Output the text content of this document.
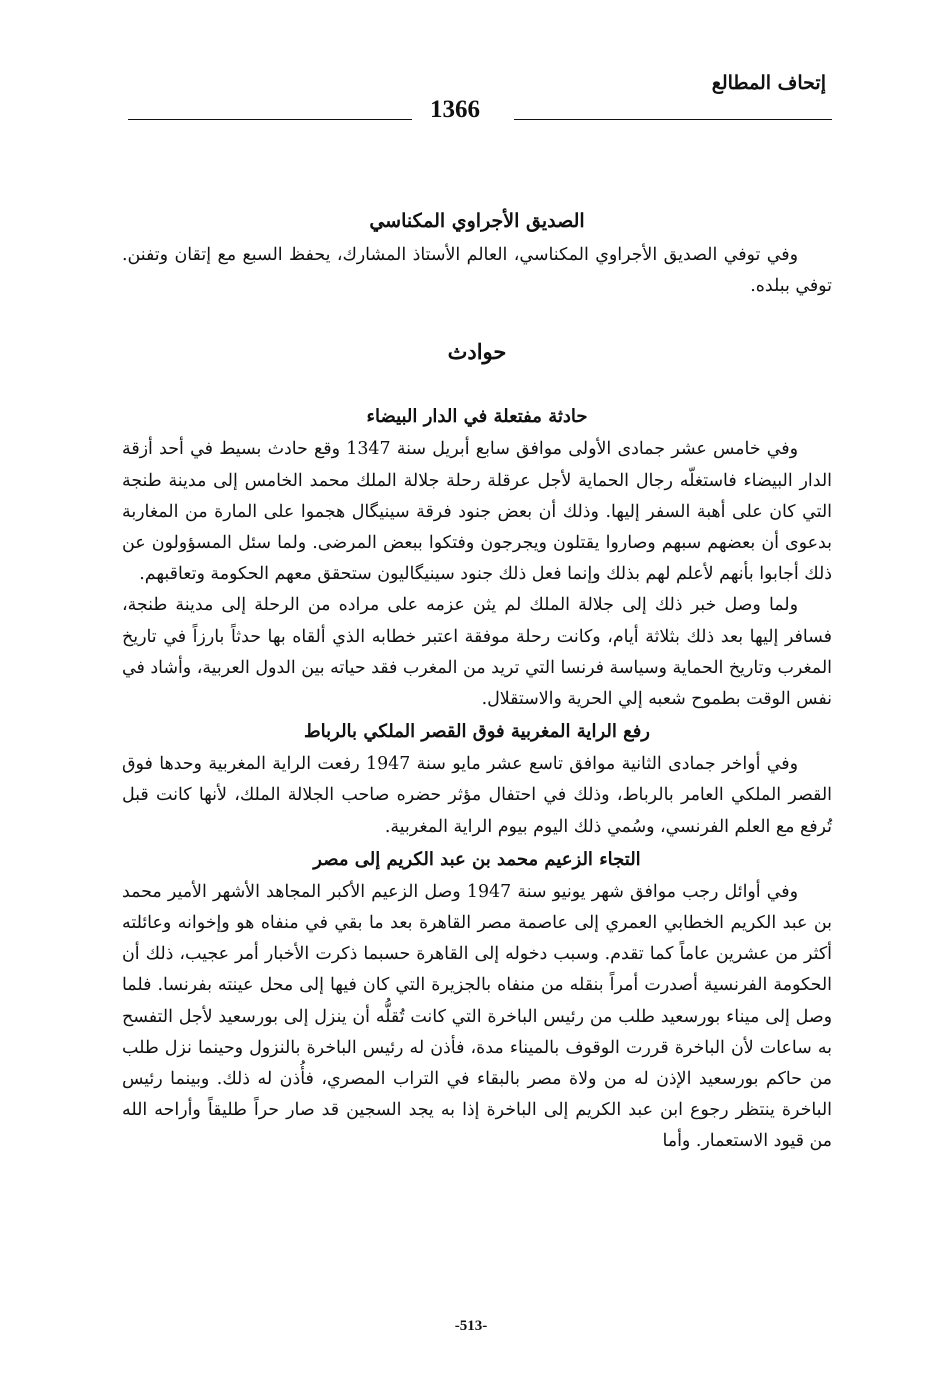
إتحاف المطالع
1366

الصديق الأجراوي المكناسي

وفي توفي الصديق الأجراوي المكناسي، العالم الأستاذ المشارك، يحفظ السبع مع إتقان وتفنن. توفي ببلده.

حوادث

حادثة مفتعلة في الدار البيضاء

وفي خامس عشر جمادى الأولى موافق سابع أبريل سنة 1347 وقع حادث بسيط في أحد أزقة الدار البيضاء فاستغلّه رجال الحماية لأجل عرقلة رحلة جلالة الملك محمد الخامس إلى مدينة طنجة التي كان على أهبة السفر إليها. وذلك أن بعض جنود فرقة سينيگال هجموا على المارة من المغاربة بدعوى أن بعضهم سبهم وصاروا يقتلون ويجرجون وفتكوا ببعض المرضى. ولما سئل المسؤولون عن ذلك أجابوا بأنهم لأعلم لهم بذلك وإنما فعل ذلك جنود سينيگاليون ستحقق معهم الحكومة وتعاقبهم.

ولما وصل خبر ذلك إلى جلالة الملك لم يثن عزمه على مراده من الرحلة إلى مدينة طنجة، فسافر إليها بعد ذلك بثلاثة أيام، وكانت رحلة موفقة اعتبر خطابه الذي ألقاه بها حدثاً بارزاً في تاريخ المغرب وتاريخ الحماية وسياسة فرنسا التي تريد من المغرب فقد حياته بين الدول العربية، وأشاد في نفس الوقت بطموح شعبه إلي الحرية والاستقلال.

رفع الراية المغربية فوق القصر الملكي بالرباط

وفي أواخر جمادى الثانية موافق تاسع عشر مايو سنة 1947 رفعت الراية المغربية وحدها فوق القصر الملكي العامر بالرباط، وذلك في احتفال مؤثر حضره صاحب الجلالة الملك، لأنها كانت قبل تُرفع مع العلم الفرنسي، وسُمي ذلك اليوم بيوم الراية المغربية.

التجاء الزعيم محمد بن عبد الكريم إلى مصر

وفي أوائل رجب موافق شهر يونيو سنة 1947 وصل الزعيم الأكبر المجاهد الأشهر الأمير محمد بن عبد الكريم الخطابي العمري إلى عاصمة مصر القاهرة بعد ما بقي في منفاه هو وإخوانه وعائلته أكثر من عشرين عاماً كما تقدم. وسبب دخوله إلى القاهرة حسبما ذكرت الأخبار أمر عجيب، ذلك أن الحكومة الفرنسية أصدرت أمراً بنقله من منفاه بالجزيرة التي كان فيها إلى محل عينته بفرنسا. فلما وصل إلى ميناء بورسعيد طلب من رئيس الباخرة التي كانت تُقلُّه أن ينزل إلى بورسعيد لأجل التفسح به ساعات لأن الباخرة قررت الوقوف بالميناء مدة، فأذن له رئيس الباخرة بالنزول وحينما نزل طلب من حاكم بورسعيد الإذن له من ولاة مصر بالبقاء في التراب المصري، فأُذن له ذلك. وبينما رئيس الباخرة ينتظر رجوع ابن عبد الكريم إلى الباخرة إذا به يجد السجين قد صار حراً طليقاً وأراحه الله من قيود الاستعمار. وأما

-513-
